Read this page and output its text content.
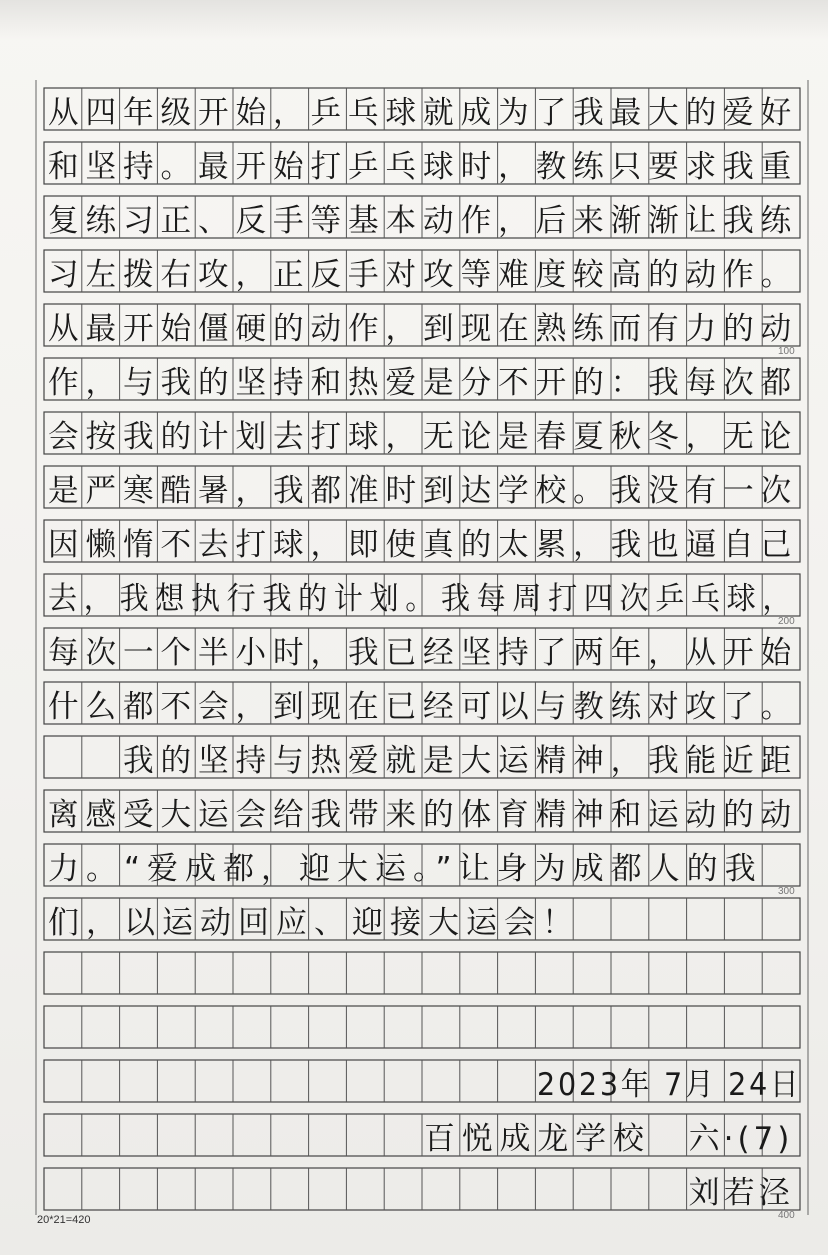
从四年级开始，乒乓球就成为了我最大的爱好
和坚持。最开始打乒乓球时，教练只要求我重
复练习正、反手等基本动作，后来渐渐让我练
习左拨右攻，正反手对攻等难度较高的动作。
从最开始僵硬的动作，到现在熟练而有力的动
作，与我的坚持和热爱是分不开的：我每次都
会按我的计划去打球，无论是春夏秋冬，无论
是严寒酷暑，我都准时到达学校。我没有一次
因懒惰不去打球，即使真的太累，我也逼自己
去，我想执行我的计划。我每周打四次乒乓球，
每次一个半小时，我已经坚持了两年，从开始
什么都不会，到现在已经可以与教练对攻了。
　　我的坚持与热爱就是大运精神，我能近距
离感受大运会给我带来的体育精神和运动的动
力。“爱成都，迎大运。”让身为成都人的我
们，以运动回应、迎接大运会！
2023年 7月 24日
百悦成龙学校 六·(7)
刘若泾
100
200
300
400
20*21=420
